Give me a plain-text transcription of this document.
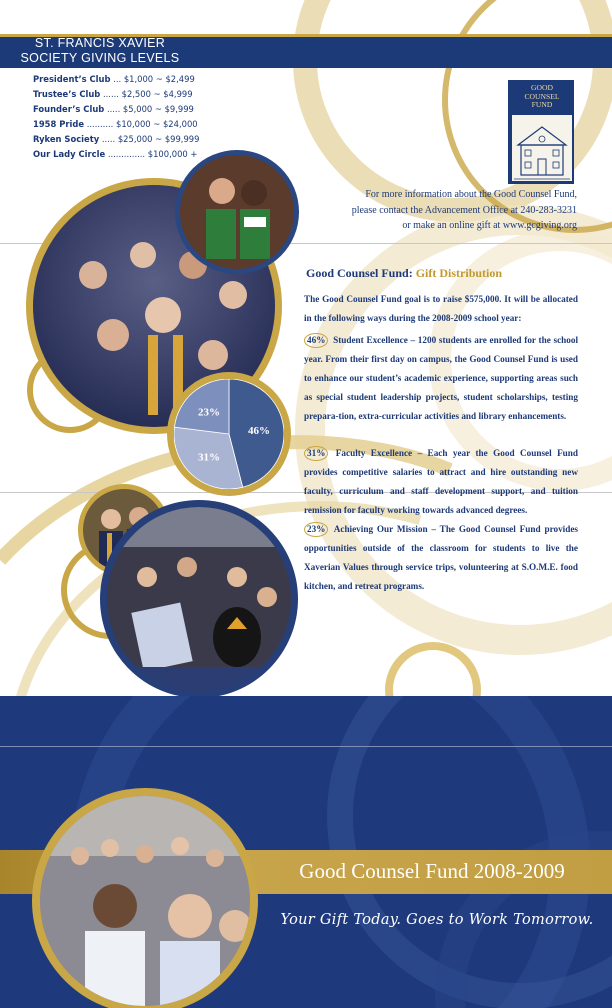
ST. FRANCIS XAVIER
SOCIETY GIVING LEVELS
President’s Club ... $1,000 ~ $2,499
Trustee’s Club ...... $2,500 ~ $4,999
Founder’s Club ..... $5,000 ~ $9,999
1958 Pride .......... $10,000 ~ $24,000
Ryken Society ..... $25,000 ~ $99,999
Our Lady Circle .............. $100,000 +
GOOD
COUNSEL
FUND
For more information about the Good Counsel Fund,
please contact the Advancement Office at 240-283-3231
or make an online gift at www.gcgiving.org
46%
31%
23%
Good Counsel Fund: Gift Distribution
The Good Counsel Fund goal is to raise $575,000. It will be allocated in the following ways during the 2008-2009 school year:
46% Student Excellence – 1200 students are enrolled for the school year. From their first day on campus, the Good Counsel Fund is used to enhance our student’s academic experience, supporting areas such as special student leadership projects, student scholarships, testing prepara-tion, extra-curricular activities and library enhancements.
31% Faculty Excellence – Each year the Good Counsel Fund provides competitive salaries to attract and hire outstanding new faculty, curriculum and staff development support, and tuition remission for faculty working towards advanced degrees.
23% Achieving Our Mission – The Good Counsel Fund provides opportunities outside of the classroom for students to live the Xaverian Values through service trips, volunteering at S.O.M.E. food kitchen, and retreat programs.
Good Counsel Fund 2008-2009
Your Gift Today. Goes to Work Tomorrow.
